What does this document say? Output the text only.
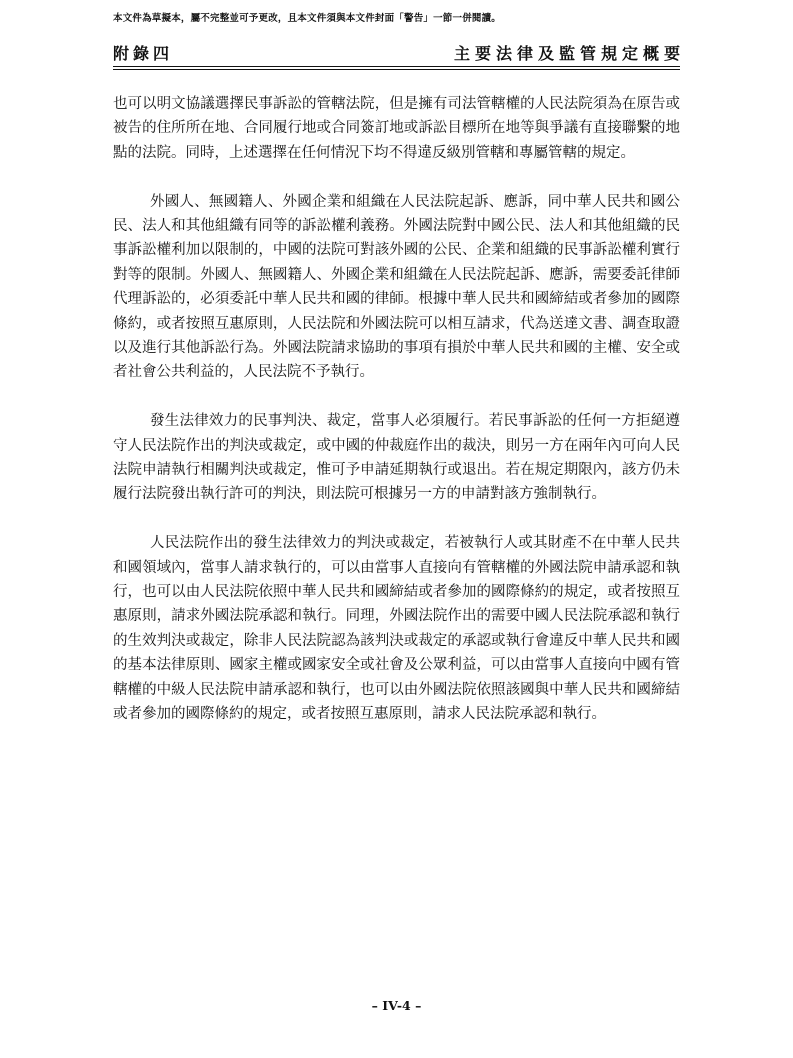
本文件為草擬本，屬不完整並可予更改，且本文件須與本文件封面「警告」一節一併閱讀。
附錄四	主要法律及監管規定概要

也可以明文協議選擇民事訴訟的管轄法院，但是擁有司法管轄權的人民法院須為在原告或被告的住所所在地、合同履行地或合同簽訂地或訴訟目標所在地等與爭議有直接聯繫的地點的法院。同時，上述選擇在任何情況下均不得違反級別管轄和專屬管轄的規定。

外國人、無國籍人、外國企業和組織在人民法院起訴、應訴，同中華人民共和國公民、法人和其他組織有同等的訴訟權利義務。外國法院對中國公民、法人和其他組織的民事訴訟權利加以限制的，中國的法院可對該外國的公民、企業和組織的民事訴訟權利實行對等的限制。外國人、無國籍人、外國企業和組織在人民法院起訴、應訴，需要委託律師代理訴訟的，必須委託中華人民共和國的律師。根據中華人民共和國締結或者參加的國際條約，或者按照互惠原則，人民法院和外國法院可以相互請求，代為送達文書、調查取證以及進行其他訴訟行為。外國法院請求協助的事項有損於中華人民共和國的主權、安全或者社會公共利益的，人民法院不予執行。

發生法律效力的民事判決、裁定，當事人必須履行。若民事訴訟的任何一方拒絕遵守人民法院作出的判決或裁定，或中國的仲裁庭作出的裁決，則另一方在兩年內可向人民法院申請執行相關判決或裁定，惟可予申請延期執行或退出。若在規定期限內，該方仍未履行法院發出執行許可的判決，則法院可根據另一方的申請對該方強制執行。

人民法院作出的發生法律效力的判決或裁定，若被執行人或其財產不在中華人民共和國領域內，當事人請求執行的，可以由當事人直接向有管轄權的外國法院申請承認和執行，也可以由人民法院依照中華人民共和國締結或者參加的國際條約的規定，或者按照互惠原則，請求外國法院承認和執行。同理，外國法院作出的需要中國人民法院承認和執行的生效判決或裁定，除非人民法院認為該判決或裁定的承認或執行會違反中華人民共和國的基本法律原則、國家主權或國家安全或社會及公眾利益，可以由當事人直接向中國有管轄權的中級人民法院申請承認和執行，也可以由外國法院依照該國與中華人民共和國締結或者參加的國際條約的規定，或者按照互惠原則，請求人民法院承認和執行。

– IV-4 –
